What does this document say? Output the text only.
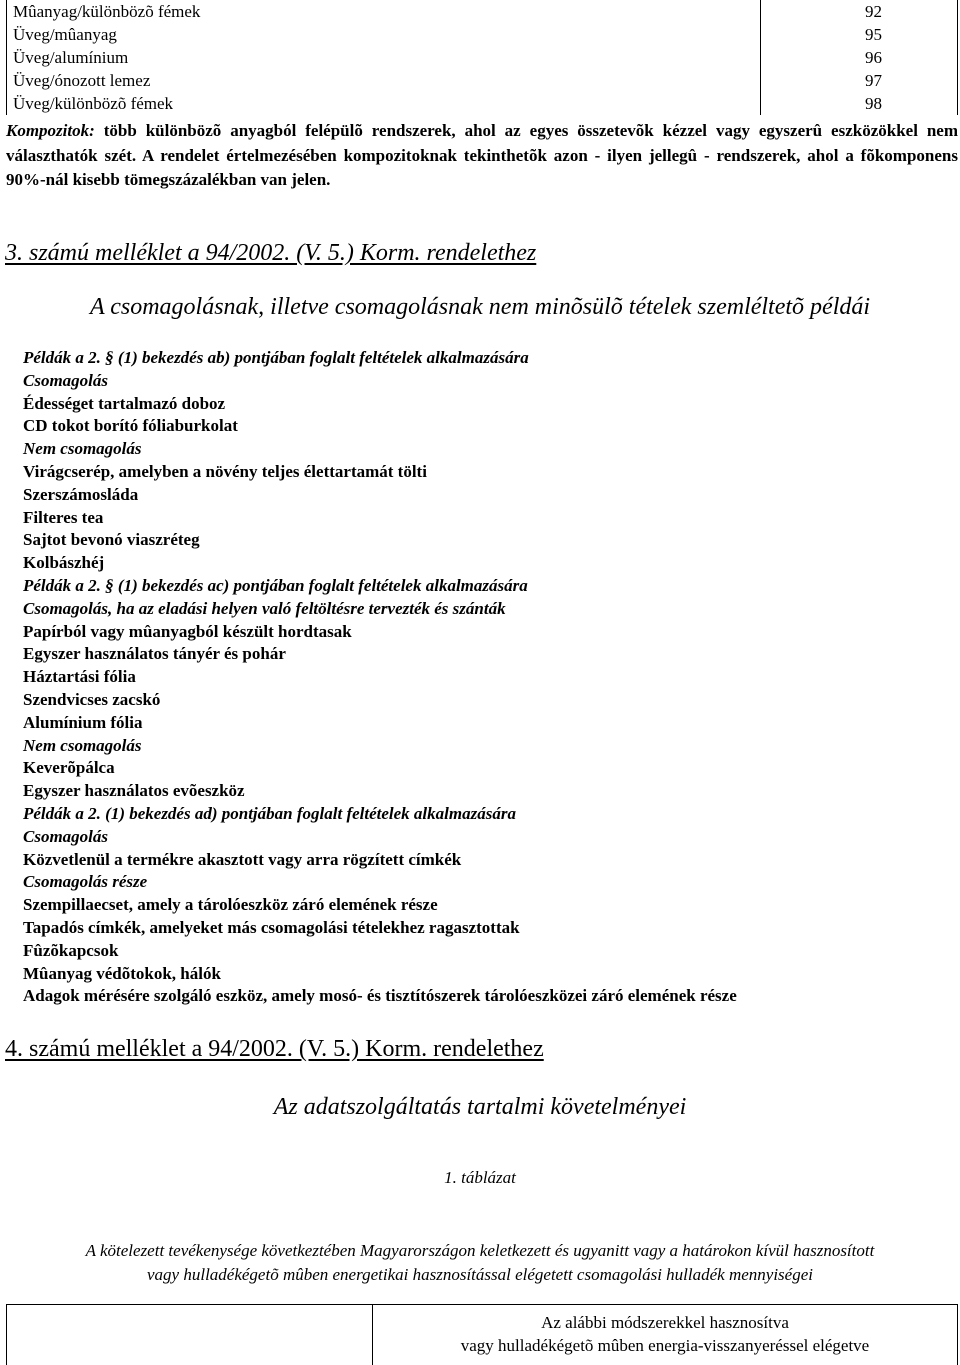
Mûanyag/különbözõ fémek	92
Üveg/mûanyag	95
Üveg/alumínium	96
Üveg/ónozott lemez	97
Üveg/különbözõ fémek	98
Kompozitok: több különbözõ anyagból felépülõ rendszerek, ahol az egyes összetevõk kézzel vagy egyszerû eszközökkel nem választhatók szét. A rendelet értelmezésében kompozitoknak tekinthetõk azon - ilyen jellegû - rendszerek, ahol a fõkomponens 90%-nál kisebb tömegszázalékban van jelen.
3. számú melléklet a 94/2002. (V. 5.) Korm. rendelethez
A csomagolásnak, illetve csomagolásnak nem minõsülõ tételek szemléltetõ példái
Példák a 2. § (1) bekezdés ab) pontjában foglalt feltételek alkalmazására
Csomagolás
Édességet tartalmazó doboz
CD tokot borító fóliaburkolat
Nem csomagolás
Virágcserép, amelyben a növény teljes élettartamát tölti
Szerszámosláda
Filteres tea
Sajtot bevonó viaszréteg
Kolbászhéj
Példák a 2. § (1) bekezdés ac) pontjában foglalt feltételek alkalmazására
Csomagolás, ha az eladási helyen való feltöltésre tervezték és szánták
Papírból vagy mûanyagból készült hordtasak
Egyszer használatos tányér és pohár
Háztartási fólia
Szendvicses zacskó
Alumínium fólia
Nem csomagolás
Keverõpálca
Egyszer használatos evõeszköz
Példák a 2. (1) bekezdés ad) pontjában foglalt feltételek alkalmazására
Csomagolás
Közvetlenül a termékre akasztott vagy arra rögzített címkék
Csomagolás része
Szempillaecset, amely a tárolóeszköz záró elemének része
Tapadós címkék, amelyeket más csomagolási tételekhez ragasztottak
Fûzõkapcsok
Mûanyag védõtokok, hálók
Adagok mérésére szolgáló eszköz, amely mosó- és tisztítószerek tárolóeszközei záró elemének része
4. számú melléklet a 94/2002. (V. 5.) Korm. rendelethez
Az adatszolgáltatás tartalmi követelményei
1. táblázat
A kötelezett tevékenysége következtében Magyarországon keletkezett és ugyanitt vagy a határokon kívül hasznosított
vagy hulladékégetõ mûben energetikai hasznosítással elégetett csomagolási hulladék mennyiségei
Az alábbi módszerekkel hasznosítva
vagy hulladékégetõ mûben energia-visszanyeréssel elégetve
